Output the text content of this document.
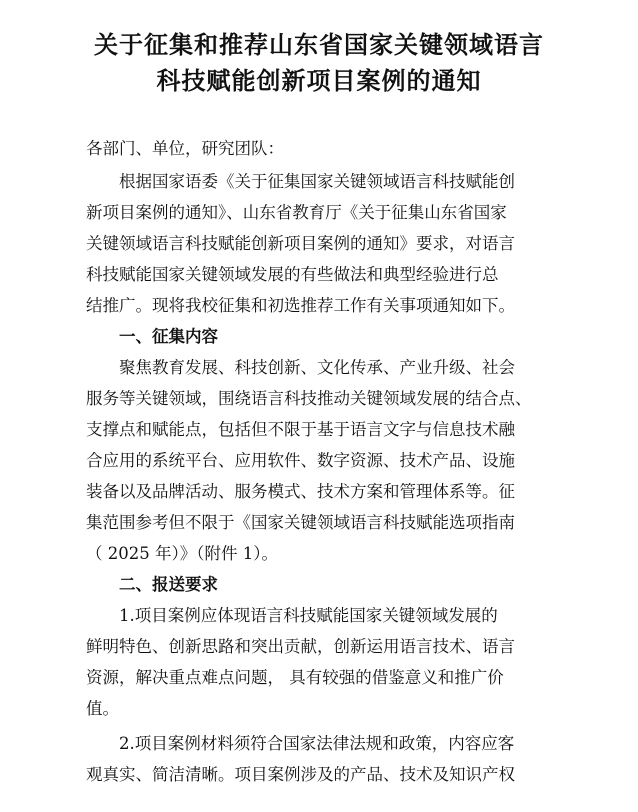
关于征集和推荐山东省国家关键领域语言
科技赋能创新项目案例的通知
各部门、单位，研究团队：
根据国家语委《关于征集国家关键领域语言科技赋能创
新项目案例的通知》、山东省教育厅《关于征集山东省国家
关键领域语言科技赋能创新项目案例的通知》要求，对语言
科技赋能国家关键领域发展的有些做法和典型经验进行总
结推广。现将我校征集和初选推荐工作有关事项通知如下。
一、征集内容
聚焦教育发展、科技创新、文化传承、产业升级、社会
服务等关键领域，围绕语言科技推动关键领域发展的结合点、
支撑点和赋能点，包括但不限于基于语言文字与信息技术融
合应用的系统平台、应用软件、数字资源、技术产品、设施
装备以及品牌活动、服务模式、技术方案和管理体系等。征
集范围参考但不限于《国家关键领域语言科技赋能选项指南
（ 2025 年）》（附件 1）。
二、报送要求
1.项目案例应体现语言科技赋能国家关键领域发展的
鲜明特色、创新思路和突出贡献，创新运用语言技术、语言
资源，解决重点难点问题， 具有较强的借鉴意义和推广价
值。
2.项目案例材料须符合国家法律法规和政策，内容应客
观真实、简洁清晰。项目案例涉及的产品、技术及知识产权
